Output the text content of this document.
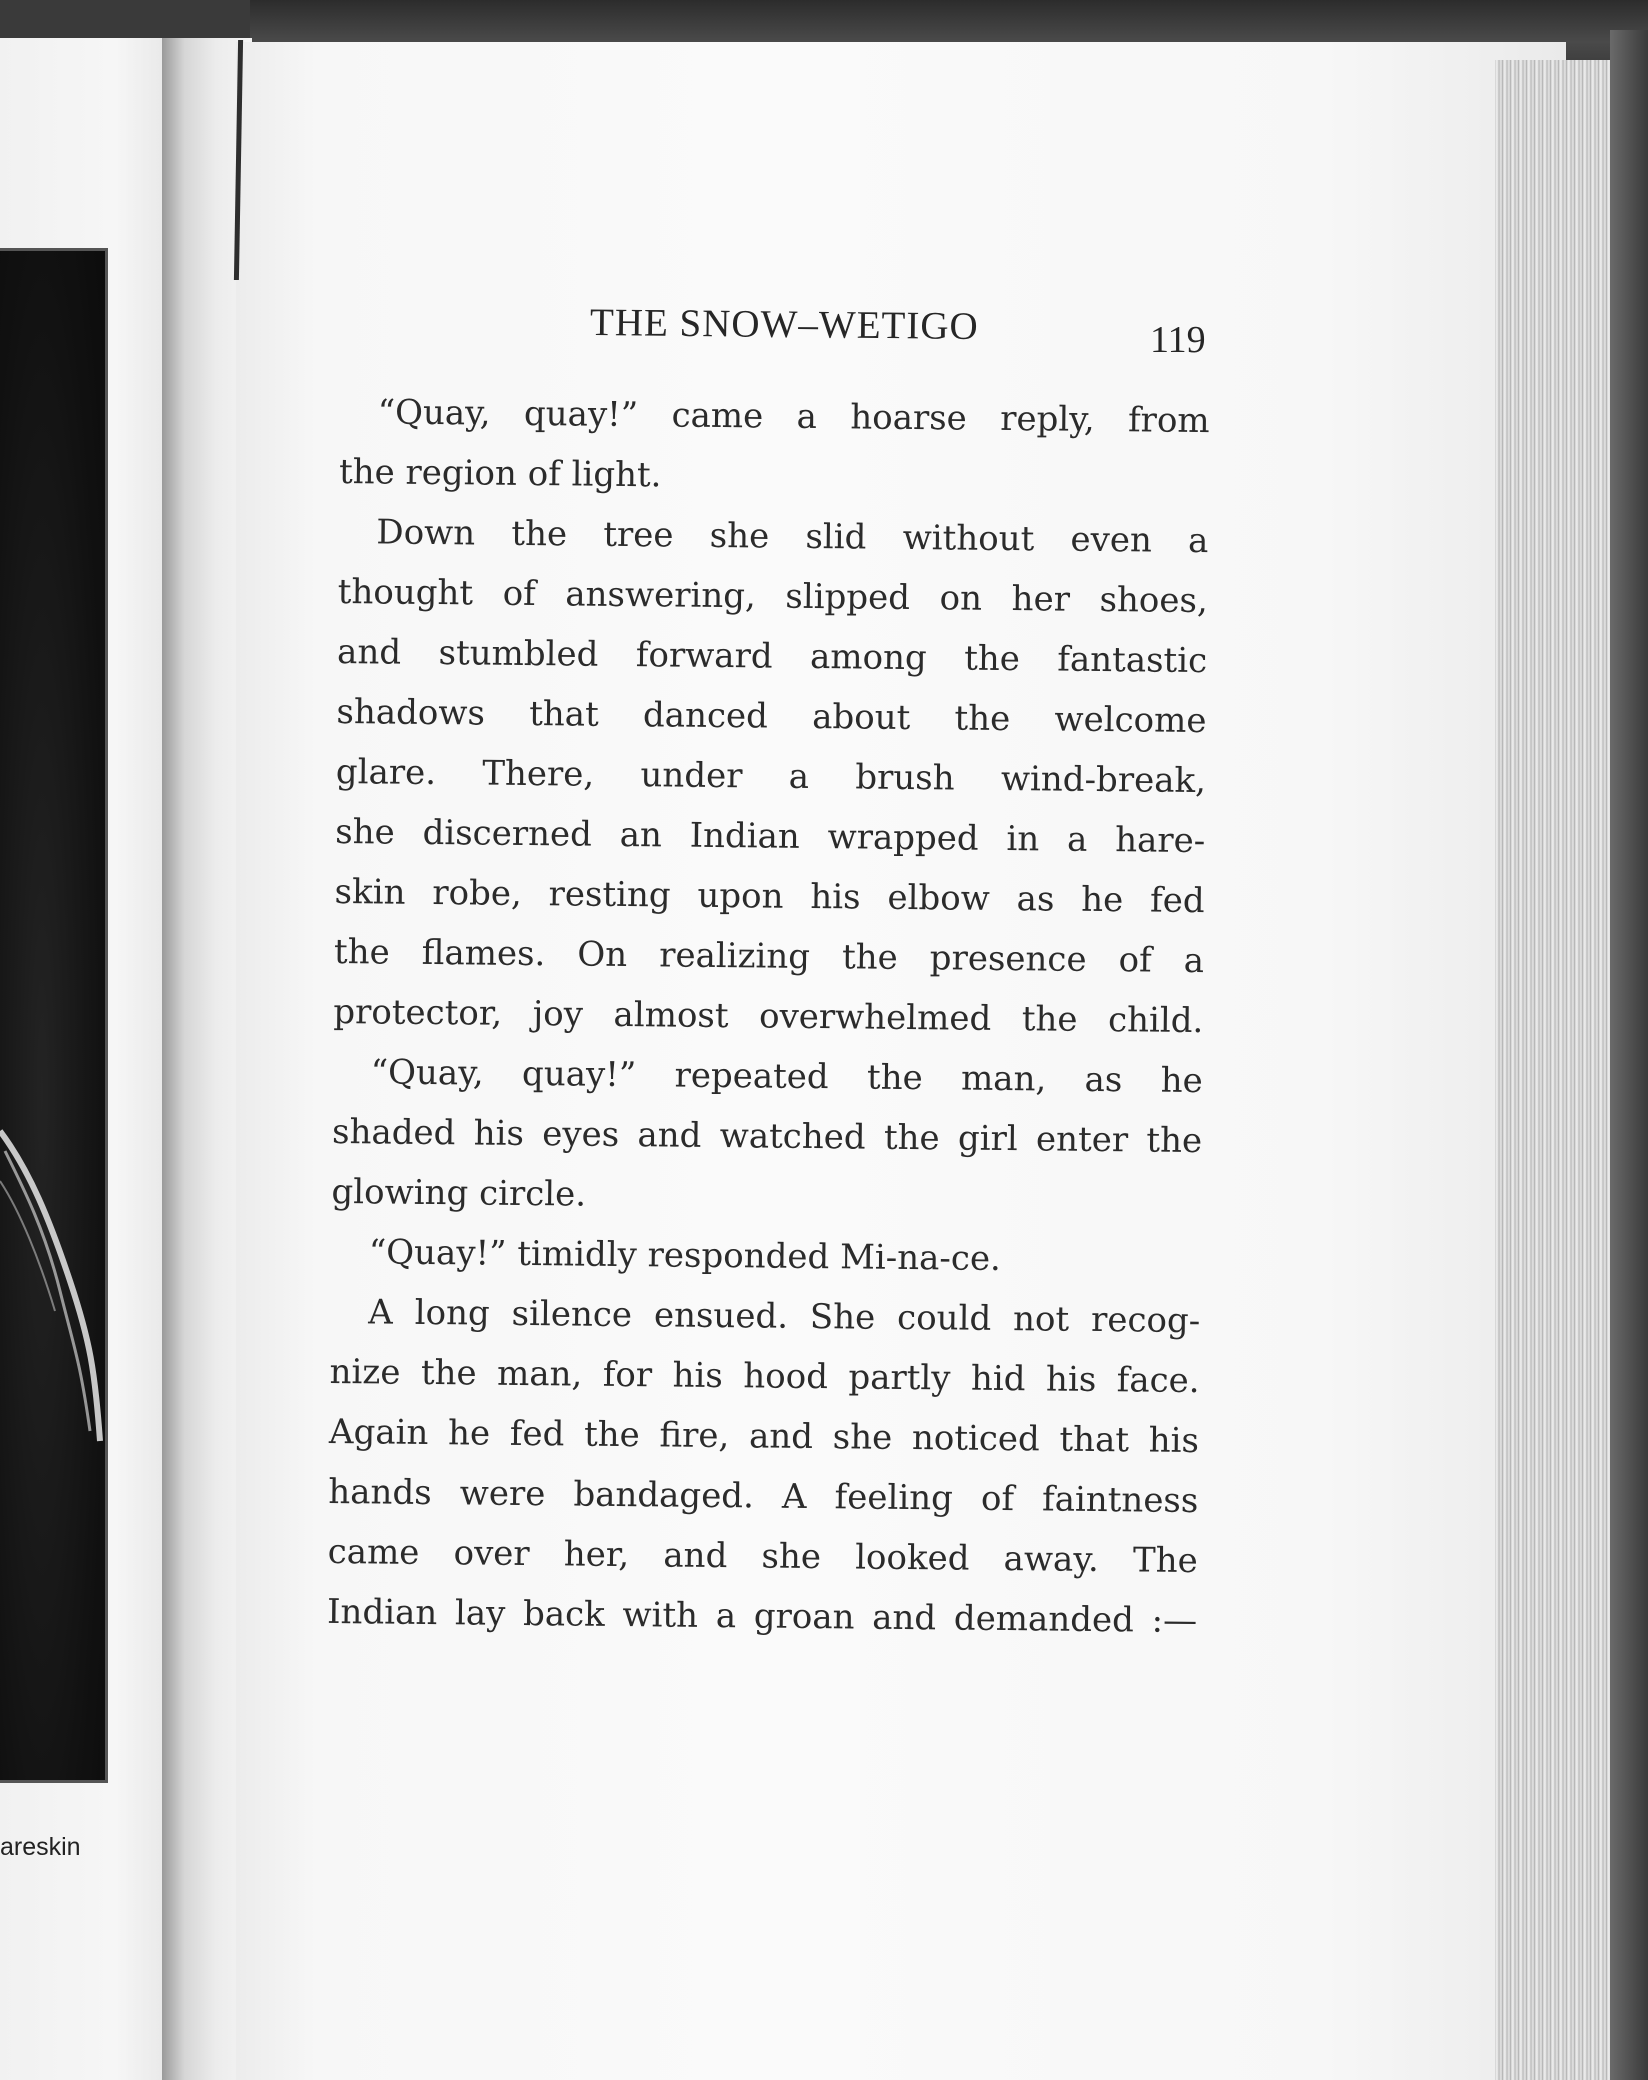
areskin
THE SNOW–WETIGO	119
“Quay, quay!” came a hoarse reply, from
the region of light.
Down the tree she slid without even a
thought of answering, slipped on her shoes,
and stumbled forward among the fantastic
shadows that danced about the welcome
glare. There, under a brush wind-break,
she discerned an Indian wrapped in a hare-
skin robe, resting upon his elbow as he fed
the flames. On realizing the presence of a
protector, joy almost overwhelmed the child.
“Quay, quay!” repeated the man, as he
shaded his eyes and watched the girl enter the
glowing circle.
“Quay!” timidly responded Mi-na-ce.
A long silence ensued. She could not recog-
nize the man, for his hood partly hid his face.
Again he fed the fire, and she noticed that his
hands were bandaged. A feeling of faintness
came over her, and she looked away. The
Indian lay back with a groan and demanded :—
